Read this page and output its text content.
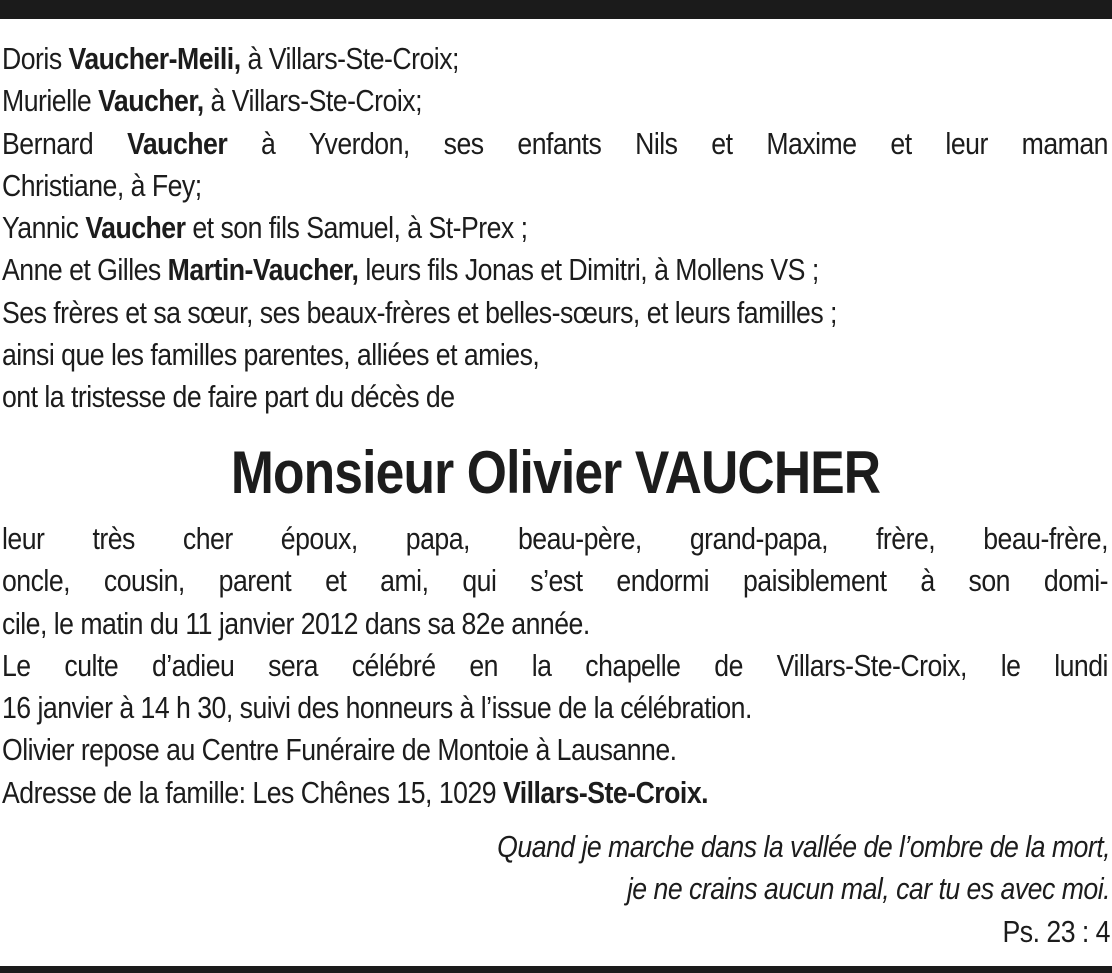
Doris Vaucher-Meili, à Villars-Ste-Croix;
Murielle Vaucher, à Villars-Ste-Croix;
Bernard Vaucher à Yverdon, ses enfants Nils et Maxime et leur maman
Christiane, à Fey;
Yannic Vaucher et son fils Samuel, à St-Prex ;
Anne et Gilles Martin-Vaucher, leurs fils Jonas et Dimitri, à Mollens VS ;
Ses frères et sa sœur, ses beaux-frères et belles-sœurs, et leurs familles ;
ainsi que les familles parentes, alliées et amies,
ont la tristesse de faire part du décès de
Monsieur Olivier VAUCHER
leur très cher époux, papa, beau-père, grand-papa, frère, beau-frère,
oncle, cousin, parent et ami, qui s’est endormi paisiblement à son domi-
cile, le matin du 11 janvier 2012 dans sa 82e année.
Le culte d’adieu sera célébré en la chapelle de Villars-Ste-Croix, le lundi
16 janvier à 14 h 30, suivi des honneurs à l’issue de la célébration.
Olivier repose au Centre Funéraire de Montoie à Lausanne.
Adresse de la famille: Les Chênes 15, 1029 Villars-Ste-Croix.
Quand je marche dans la vallée de l’ombre de la mort,
je ne crains aucun mal, car tu es avec moi.
Ps. 23 : 4
